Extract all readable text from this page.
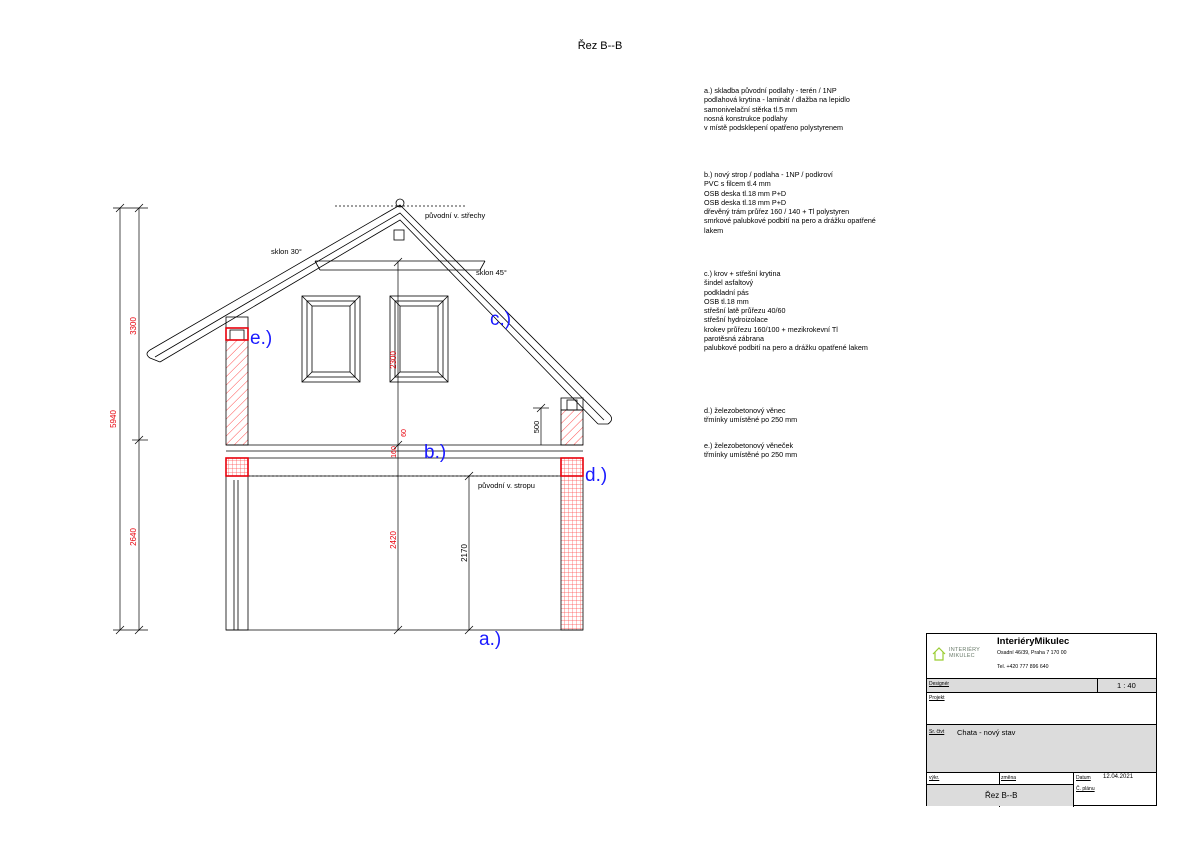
Řez B--B
5940
3300
2640
sklon 30°
sklon 45°
původní v. střechy
2300
60
160
500
2420
2170
původní v. stropu
e.)
c.)
b.)
d.)
a.)
a.) skladba původní podlahy - terén / 1NP
podlahová krytina - laminát / dlažba na lepidlo
samonivelační stěrka tl.5 mm
nosná konstrukce podlahy
v místě podsklepení opatřeno polystyrenem
b.) nový strop / podlaha - 1NP / podkroví
PVC s filcem tl.4 mm
OSB deska tl.18 mm P+D
OSB deska tl.18 mm P+D
dřevěný trám průřez 160 / 140 + Tl polystyren
smrkové palubkové podbití na pero a drážku opatřené
lakem
c.) krov + střešní krytina
šindel asfaltový
podkladní pás
OSB tl.18 mm
střešní latě průřezu 40/60
střešní hydroizolace
krokev průřezu 160/100 + mezikrokevní Tl
parotěsná zábrana
palubkové podbití na pero a drážku opatřené lakem
d.) železobetonový věnec
třmínky umístěné po 250 mm
e.) železobetonový věneček
třmínky umístěné po 250 mm
INTERIÉRY
MIKULEC
InteriéryMikulec
Osadní 46/39, Praha 7 170 00
Tel. +420 777 896 640
Designér	1 : 40
Projekt
Sr. čtvt Chata - nový stav
výkr.	změna	Datum 12.04.2021
Řez B--B
Č. plánu
